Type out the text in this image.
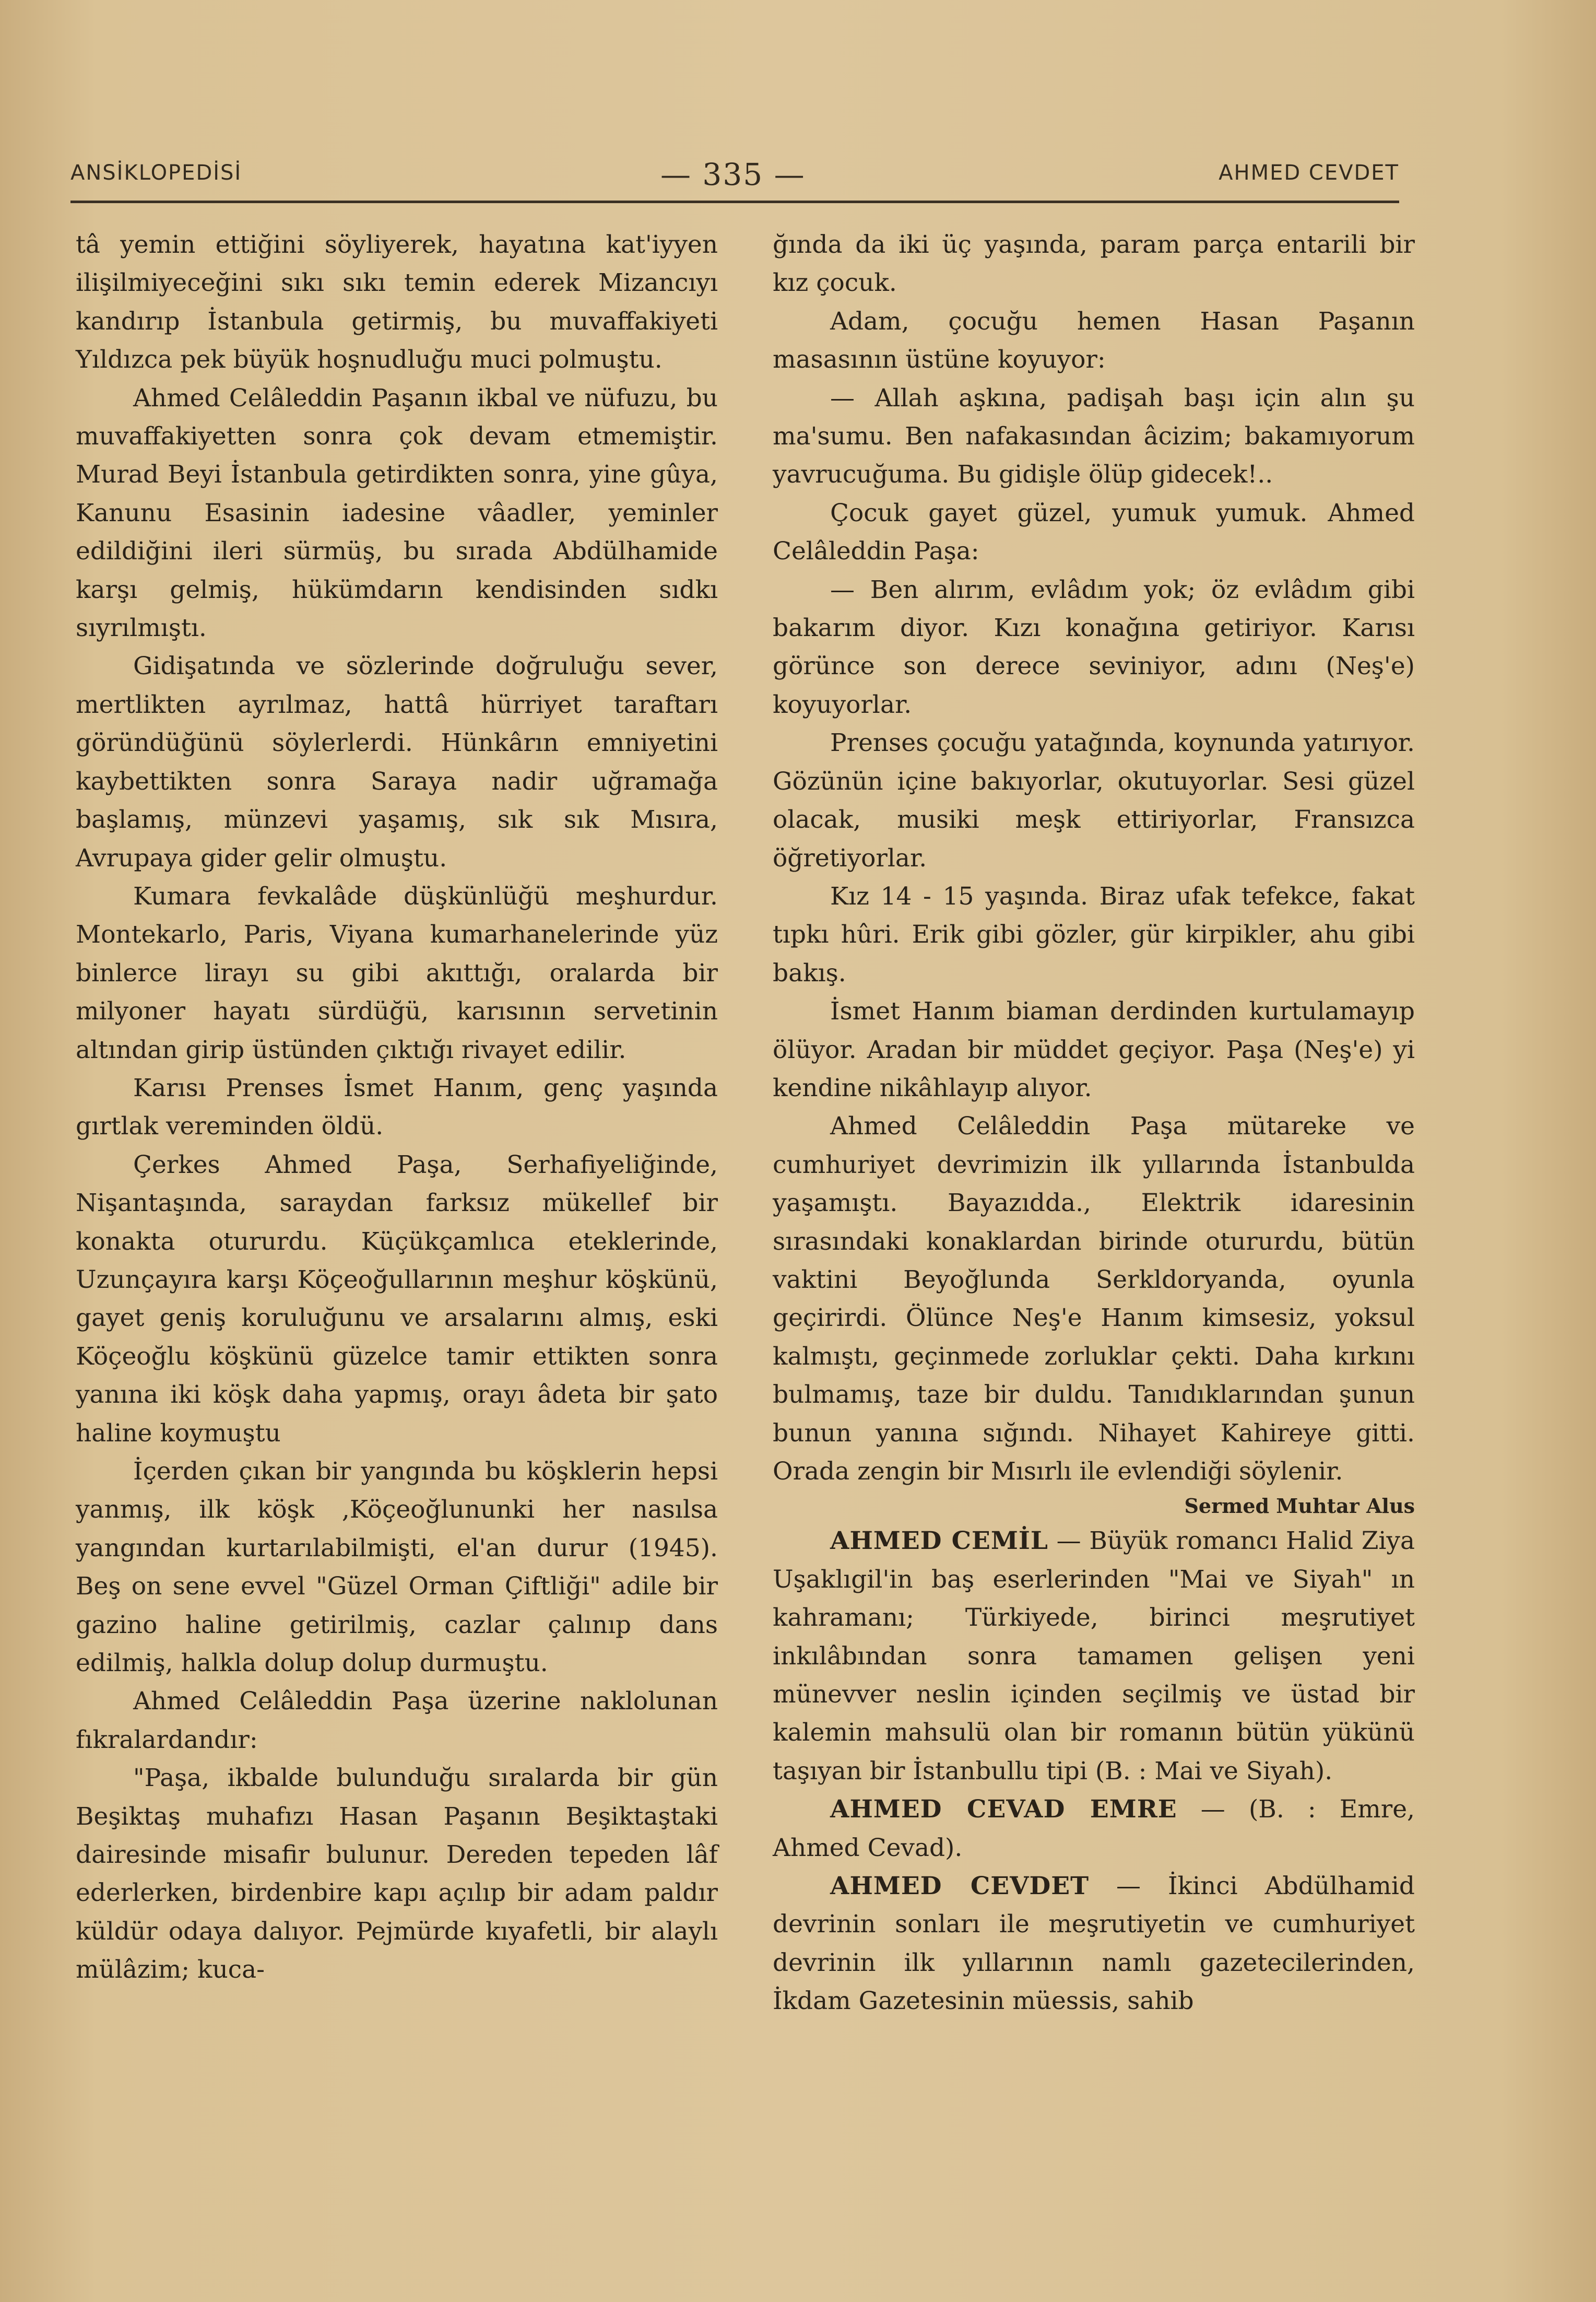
ANSİKLOPEDİSİ	— 335 —	AHMED CEVDET

tâ yemin ettiğini söyliyerek, hayatına kat'iyyen ilişilmiyeceğini sıkı sıkı temin ederek Mizancıyı kandırıp İstanbula getirmiş, bu muvaffakiyeti Yıldızca pek büyük hoşnudluğu muci polmuştu.

Ahmed Celâleddin Paşanın ikbal ve nüfuzu, bu muvaffakiyetten sonra çok devam etmemiştir. Murad Beyi İstanbula getirdikten sonra, yine gûya, Kanunu Esasinin iadesine vâadler, yeminler edildiğini ileri sürmüş, bu sırada Abdülhamide karşı gelmiş, hükümdarın kendisinden sıdkı sıyrılmıştı.

Gidişatında ve sözlerinde doğruluğu sever, mertlikten ayrılmaz, hattâ hürriyet taraftarı göründüğünü söylerlerdi. Hünkârın emniyetini kaybettikten sonra Saraya nadir uğramağa başlamış, münzevi yaşamış, sık sık Mısıra, Avrupaya gider gelir olmuştu.

Kumara fevkalâde düşkünlüğü meşhurdur. Montekarlo, Paris, Viyana kumarhanelerinde yüz binlerce lirayı su gibi akıttığı, oralarda bir milyoner hayatı sürdüğü, karısının servetinin altından girip üstünden çıktığı rivayet edilir.

Karısı Prenses İsmet Hanım, genç yaşında gırtlak vereminden öldü.

Çerkes Ahmed Paşa, Serhafiyeliğinde, Nişantaşında, saraydan farksız mükellef bir konakta otururdu. Küçükçamlıca eteklerinde, Uzunçayıra karşı Köçeoğullarının meşhur köşkünü, gayet geniş koruluğunu ve arsalarını almış, eski Köçeoğlu köşkünü güzelce tamir ettikten sonra yanına iki köşk daha yapmış, orayı âdeta bir şato haline koymuştu

İçerden çıkan bir yangında bu köşklerin hepsi yanmış, ilk köşk ,Köçeoğlununki her nasılsa yangından kurtarılabilmişti, el'an durur (1945). Beş on sene evvel "Güzel Orman Çiftliği" adile bir gazino haline getirilmiş, cazlar çalınıp dans edilmiş, halkla dolup dolup durmuştu.

Ahmed Celâleddin Paşa üzerine naklolunan fıkralardandır:

"Paşa, ikbalde bulunduğu sıralarda bir gün Beşiktaş muhafızı Hasan Paşanın Beşiktaştaki dairesinde misafir bulunur. Dereden tepeden lâf ederlerken, birdenbire kapı açılıp bir adam paldır küldür odaya dalıyor. Pejmürde kıyafetli, bir alaylı mülâzim; kuca-

ğında da iki üç yaşında, param parça entarili bir kız çocuk.

Adam, çocuğu hemen Hasan Paşanın masasının üstüne koyuyor:

— Allah aşkına, padişah başı için alın şu ma'sumu. Ben nafakasından âcizim; bakamıyorum yavrucuğuma. Bu gidişle ölüp gidecek!..

Çocuk gayet güzel, yumuk yumuk. Ahmed Celâleddin Paşa:

— Ben alırım, evlâdım yok; öz evlâdım gibi bakarım diyor. Kızı konağına getiriyor. Karısı görünce son derece seviniyor, adını (Neş'e) koyuyorlar.

Prenses çocuğu yatağında, koynunda yatırıyor. Gözünün içine bakıyorlar, okutuyorlar. Sesi güzel olacak, musiki meşk ettiriyorlar, Fransızca öğretiyorlar.

Kız 14 - 15 yaşında. Biraz ufak tefekce, fakat tıpkı hûri. Erik gibi gözler, gür kirpikler, ahu gibi bakış.

İsmet Hanım biaman derdinden kurtulamayıp ölüyor. Aradan bir müddet geçiyor. Paşa (Neş'e) yi kendine nikâhlayıp alıyor.

Ahmed Celâleddin Paşa mütareke ve cumhuriyet devrimizin ilk yıllarında İstanbulda yaşamıştı. Bayazıdda., Elektrik idaresinin sırasındaki konaklardan birinde otururdu, bütün vaktini Beyoğlunda Serkldoryanda, oyunla geçirirdi. Ölünce Neş'e Hanım kimsesiz, yoksul kalmıştı, geçinmede zorluklar çekti. Daha kırkını bulmamış, taze bir duldu. Tanıdıklarından şunun bunun yanına sığındı. Nihayet Kahireye gitti. Orada zengin bir Mısırlı ile evlendiği söylenir.

Sermed Muhtar Alus

AHMED CEMİL — Büyük romancı Halid Ziya Uşaklıgil'in baş eserlerinden "Mai ve Siyah" ın kahramanı; Türkiyede, birinci meşrutiyet inkılâbından sonra tamamen gelişen yeni münevver neslin içinden seçilmiş ve üstad bir kalemin mahsulü olan bir romanın bütün yükünü taşıyan bir İstanbullu tipi (B. : Mai ve Siyah).

AHMED CEVAD EMRE — (B. : Emre, Ahmed Cevad).

AHMED CEVDET — İkinci Abdülhamid devrinin sonları ile meşrutiyetin ve cumhuriyet devrinin ilk yıllarının namlı gazetecilerinden, İkdam Gazetesinin müessis, sahib
